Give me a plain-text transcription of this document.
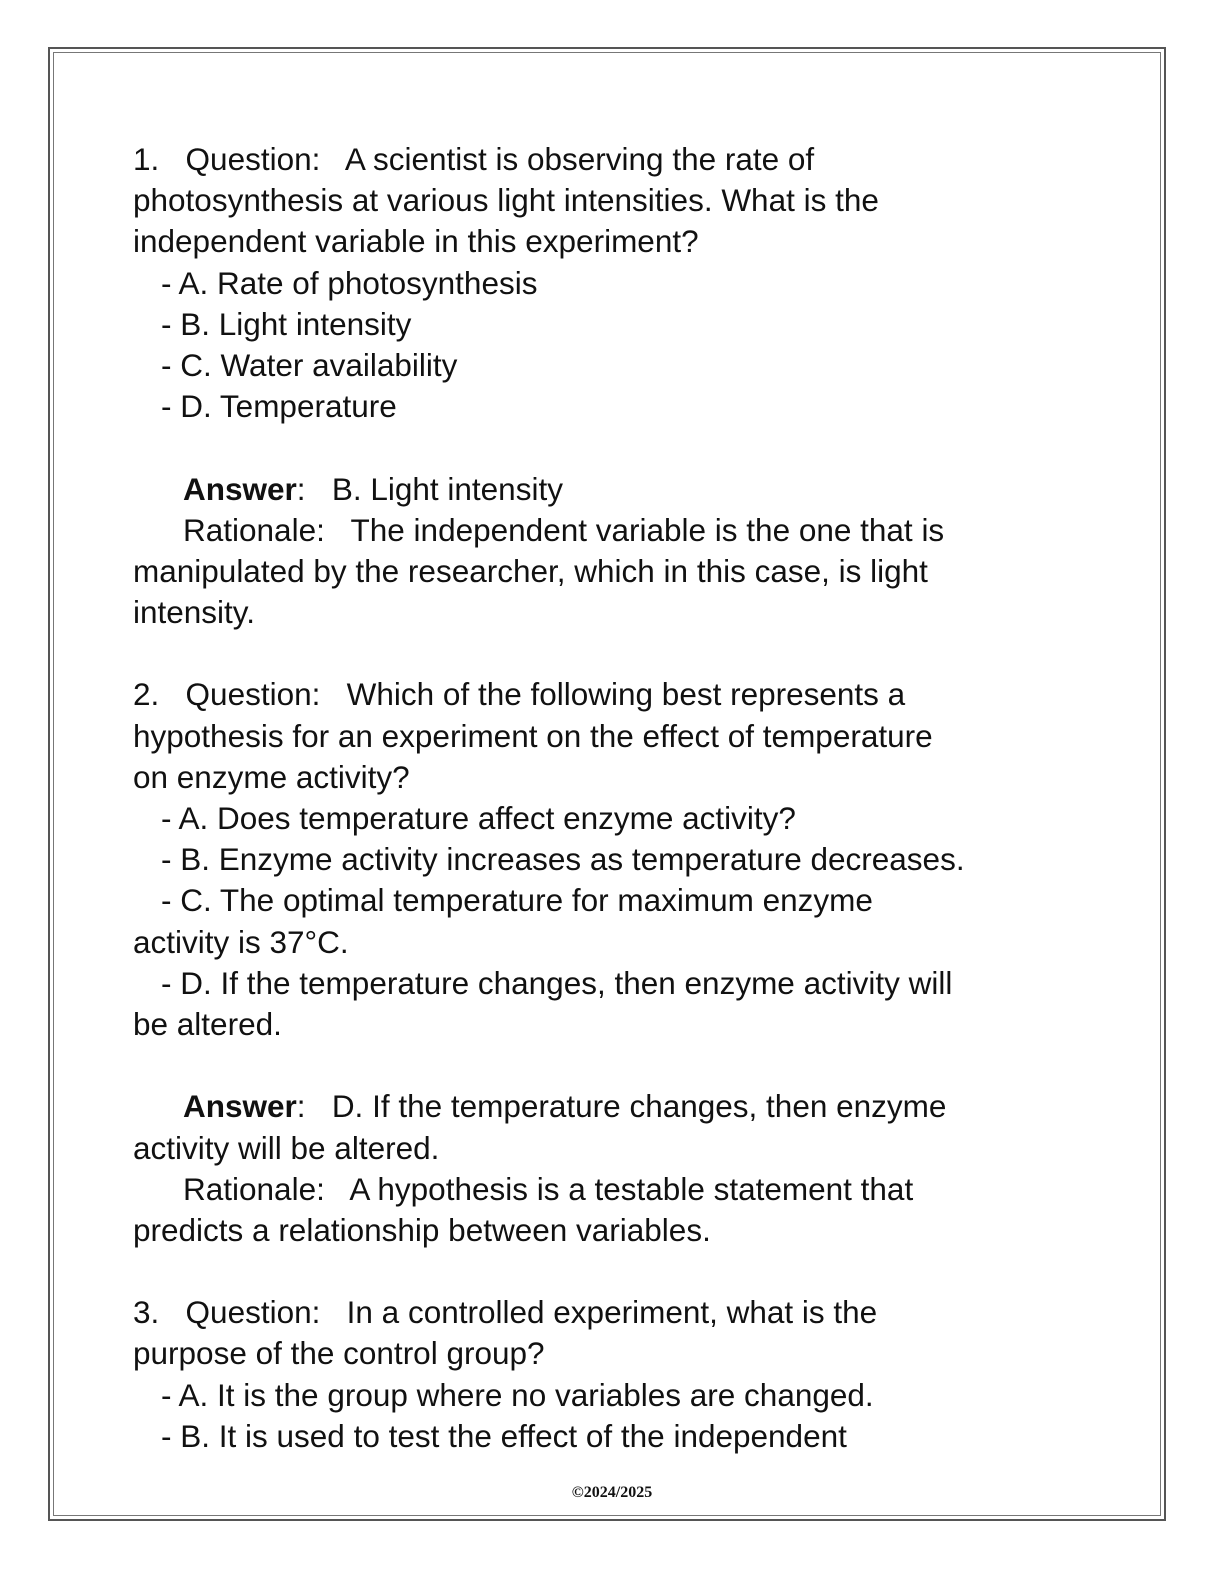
1. Question: A scientist is observing the rate of
photosynthesis at various light intensities. What is the
independent variable in this experiment?
- A. Rate of photosynthesis
- B. Light intensity
- C. Water availability
- D. Temperature
Answer:   B. Light intensity
Rationale: The independent variable is the one that is
manipulated by the researcher, which in this case, is light
intensity.
2. Question: Which of the following best represents a
hypothesis for an experiment on the effect of temperature
on enzyme activity?
- A. Does temperature affect enzyme activity?
- B. Enzyme activity increases as temperature decreases.
- C. The optimal temperature for maximum enzyme
activity is 37°C.
- D. If the temperature changes, then enzyme activity will
be altered.
Answer:   D. If the temperature changes, then enzyme
activity will be altered.
Rationale: A hypothesis is a testable statement that
predicts a relationship between variables.
3. Question: In a controlled experiment, what is the
purpose of the control group?
- A. It is the group where no variables are changed.
- B. It is used to test the effect of the independent
©2024/2025
